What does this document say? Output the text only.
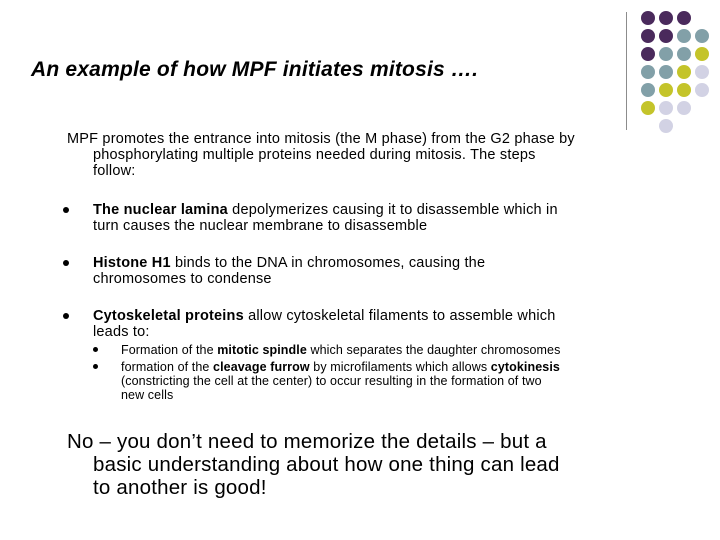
An example of how MPF initiates mitosis ….
MPF promotes the entrance into mitosis (the M phase) from the G2 phase by
phosphorylating multiple proteins needed during mitosis. The steps
follow:
The nuclear lamina depolymerizes causing it to disassemble which in
turn causes the nuclear membrane to disassemble
Histone H1 binds to the DNA in chromosomes, causing the
chromosomes to condense
Cytoskeletal proteins allow cytoskeletal filaments to assemble which
leads to:
Formation of the mitotic spindle which separates the daughter chromosomes
formation of the cleavage furrow by microfilaments which allows cytokinesis
(constricting the cell at the center) to occur resulting in the formation of two
new cells
No – you don’t need to memorize the details – but a
basic understanding about how one thing can lead
to another is good!
